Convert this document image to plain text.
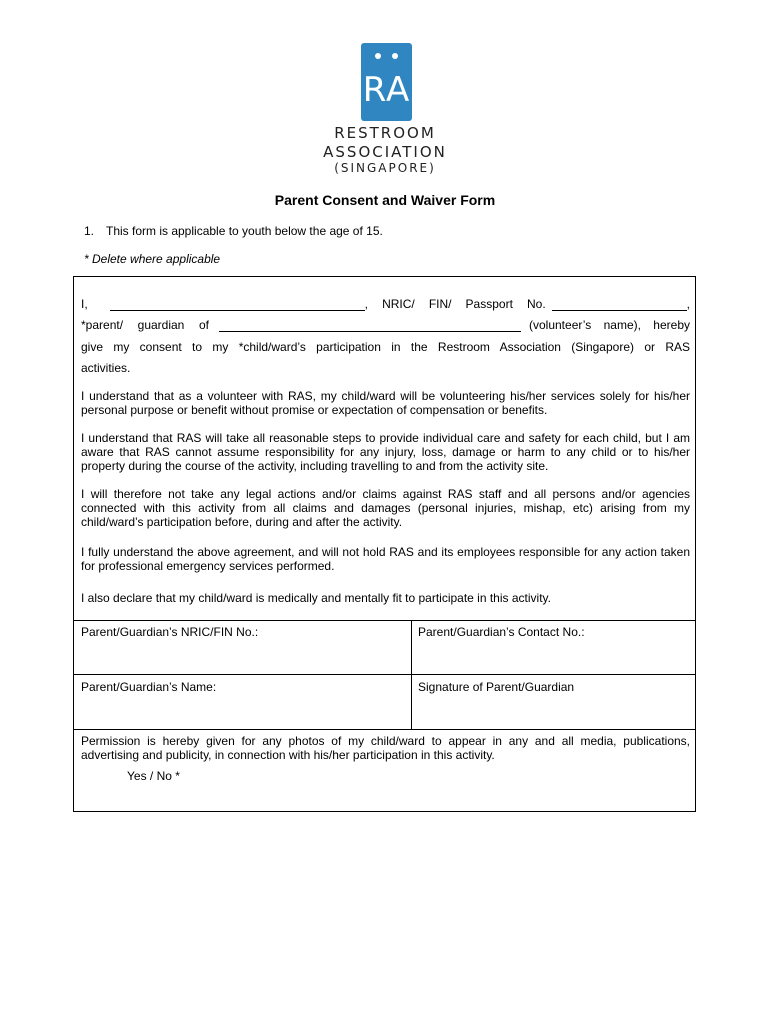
RA
RESTROOM
ASSOCIATION
(SINGAPORE)
Parent Consent and Waiver Form
1. This form is applicable to youth below the age of 15.
* Delete where applicable
I,	, NRIC/ FIN/ Passport No.	,
*parent/ guardian of	(volunteer’s name), hereby
give my consent to my *child/ward’s participation in the Restroom Association (Singapore) or RAS
activities.
I understand that as a volunteer with RAS, my child/ward will be volunteering his/her services solely for his/her personal purpose or benefit without promise or expectation of compensation or benefits.
I understand that RAS will take all reasonable steps to provide individual care and safety for each child, but I am aware that RAS cannot assume responsibility for any injury, loss, damage or harm to any child or to his/her property during the course of the activity, including travelling to and from the activity site.
I will therefore not take any legal actions and/or claims against RAS staff and all persons and/or agencies connected with this activity from all claims and damages (personal injuries, mishap, etc) arising from my child/ward’s participation before, during and after the activity.
I fully understand the above agreement, and will not hold RAS and its employees responsible for any action taken for professional emergency services performed.
I also declare that my child/ward is medically and mentally fit to participate in this activity.
Parent/Guardian’s NRIC/FIN No.:	Parent/Guardian’s Contact No.:
Parent/Guardian’s Name:	Signature of Parent/Guardian
Permission is hereby given for any photos of my child/ward to appear in any and all media, publications, advertising and publicity, in connection with his/her participation in this activity.
Yes / No *
